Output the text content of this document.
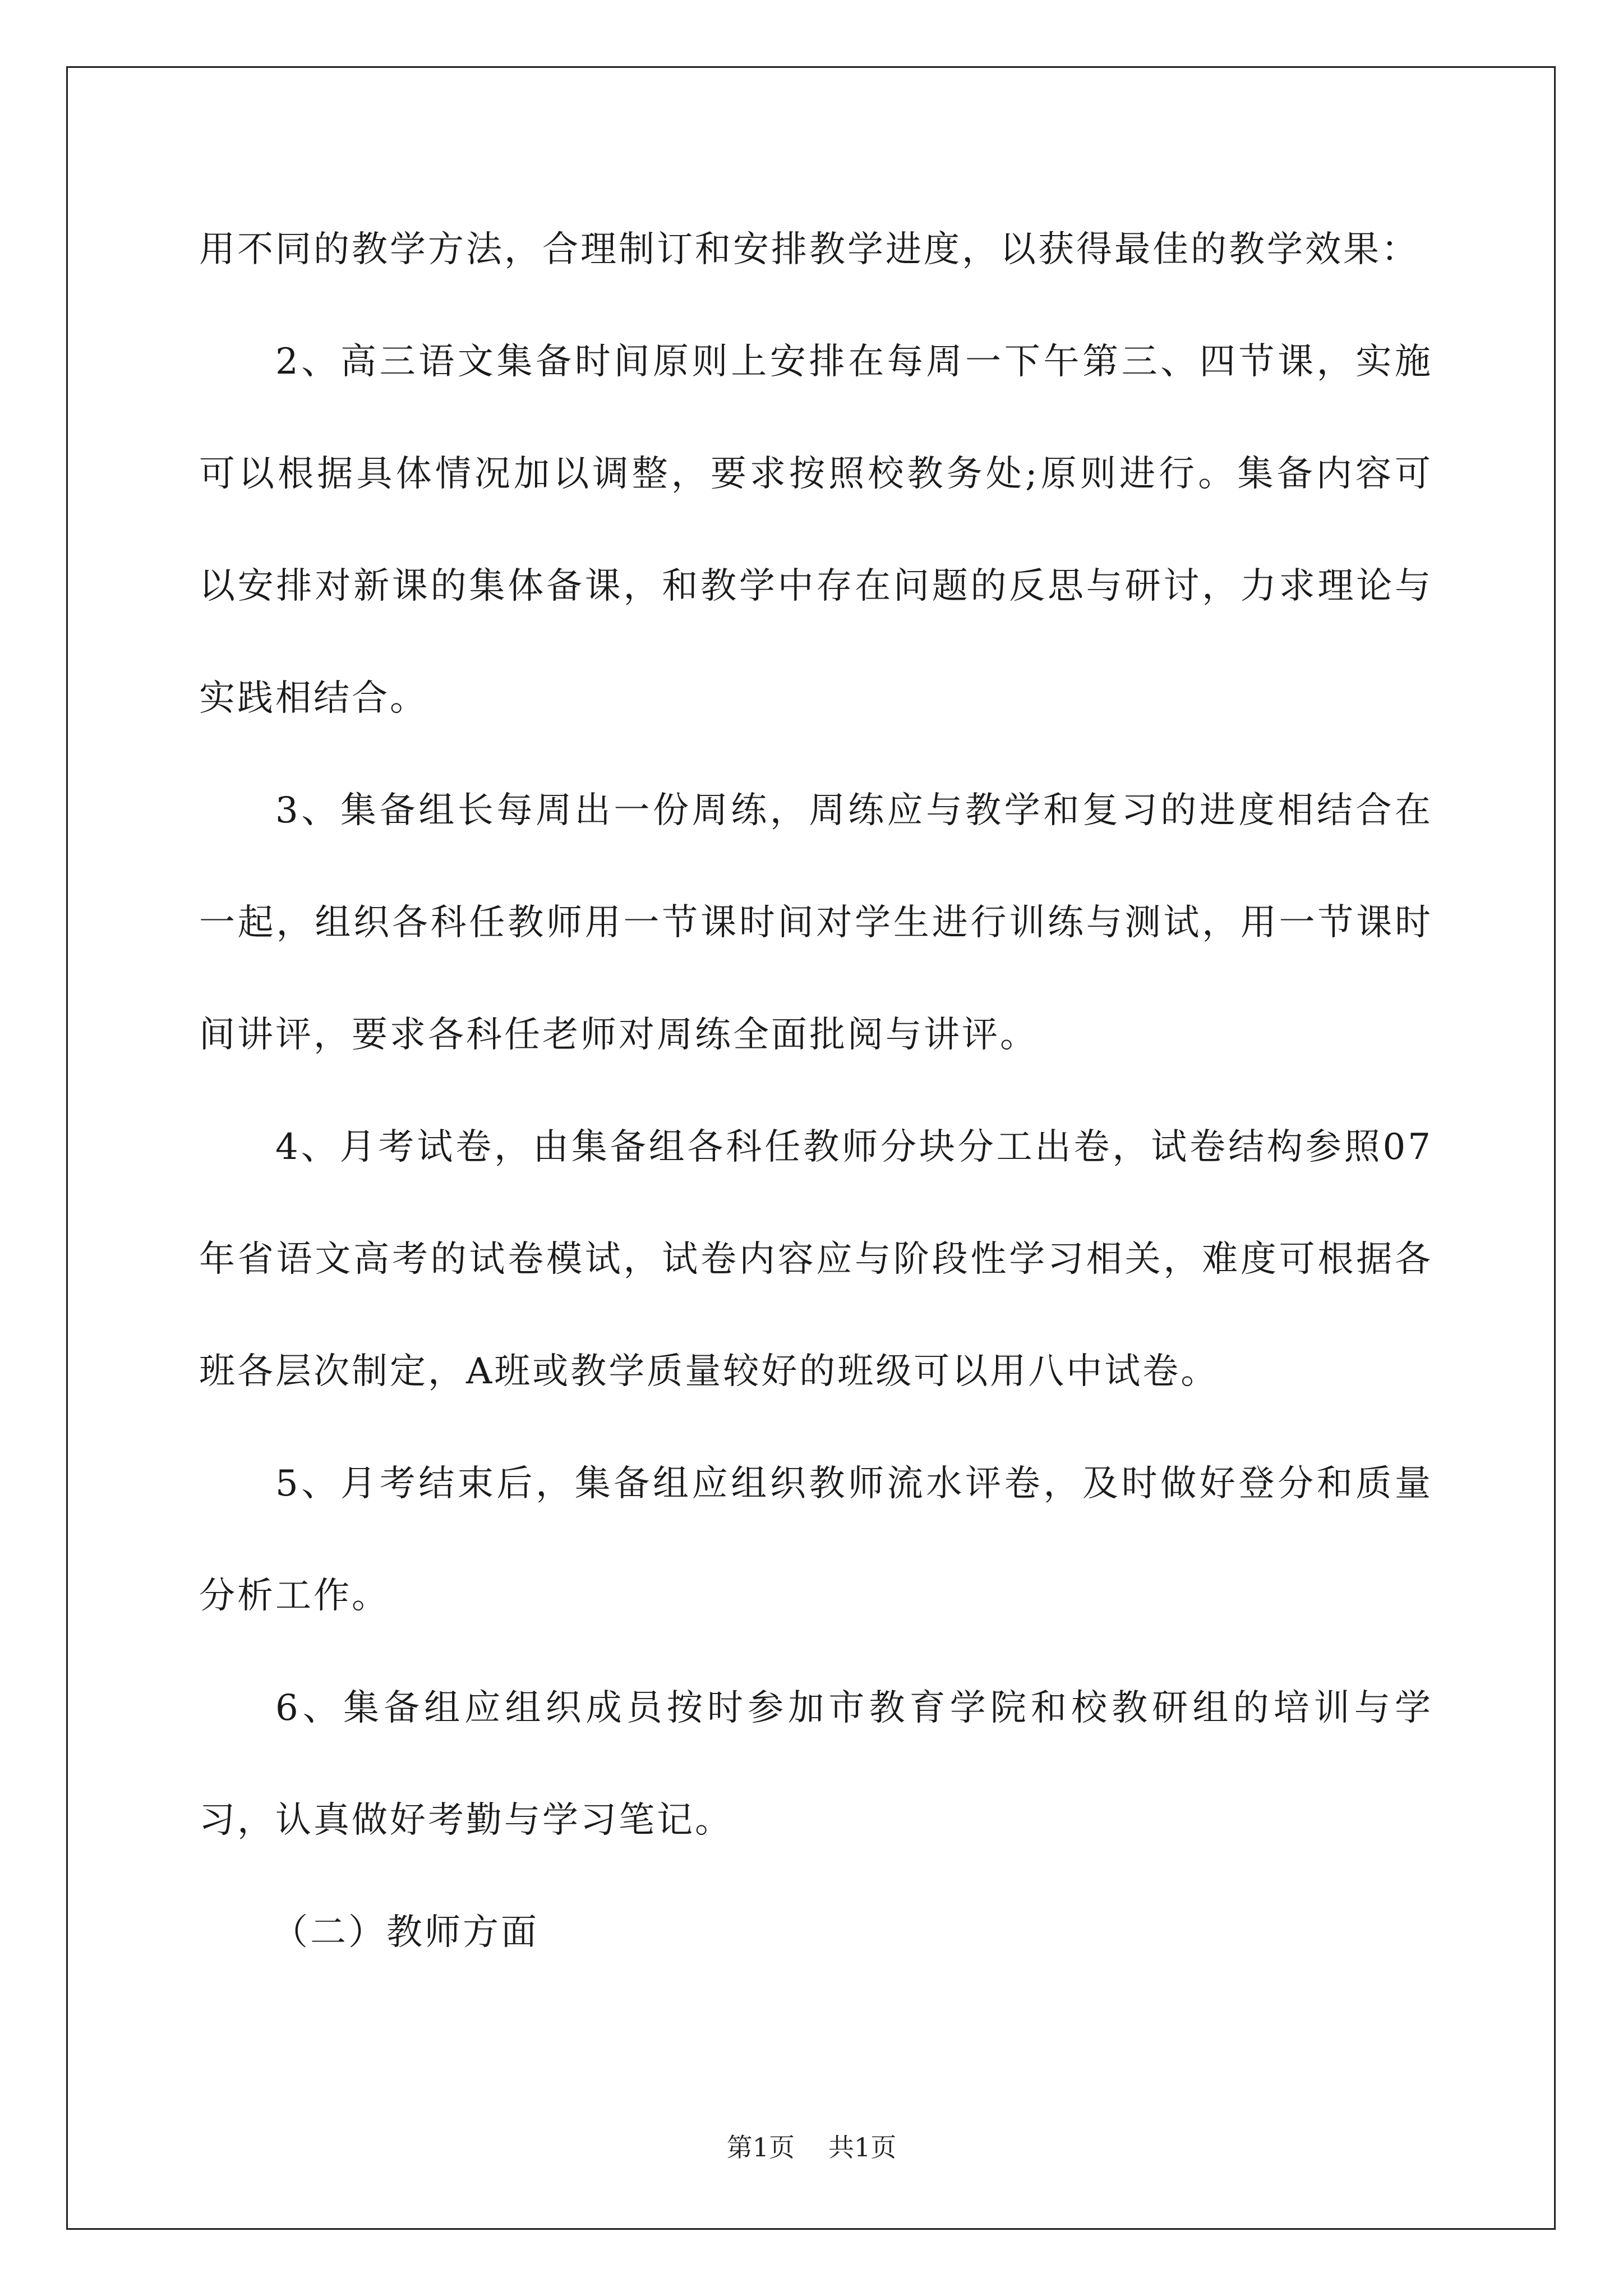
用不同的教学方法，合理制订和安排教学进度，以获得最佳的教学效果：

2、高三语文集备时间原则上安排在每周一下午第三、四节课，实施可以根据具体情况加以调整，要求按照校教务处;原则进行。集备内容可以安排对新课的集体备课，和教学中存在问题的反思与研讨，力求理论与实践相结合。

3、集备组长每周出一份周练，周练应与教学和复习的进度相结合在一起，组织各科任教师用一节课时间对学生进行训练与测试，用一节课时间讲评，要求各科任老师对周练全面批阅与讲评。

4、月考试卷，由集备组各科任教师分块分工出卷，试卷结构参照07年省语文高考的试卷模试，试卷内容应与阶段性学习相关，难度可根据各班各层次制定，A班或教学质量较好的班级可以用八中试卷。

5、月考结束后，集备组应组织教师流水评卷，及时做好登分和质量分析工作。

6、集备组应组织成员按时参加市教育学院和校教研组的培训与学习，认真做好考勤与学习笔记。

（二）教师方面

第1页 共1页
